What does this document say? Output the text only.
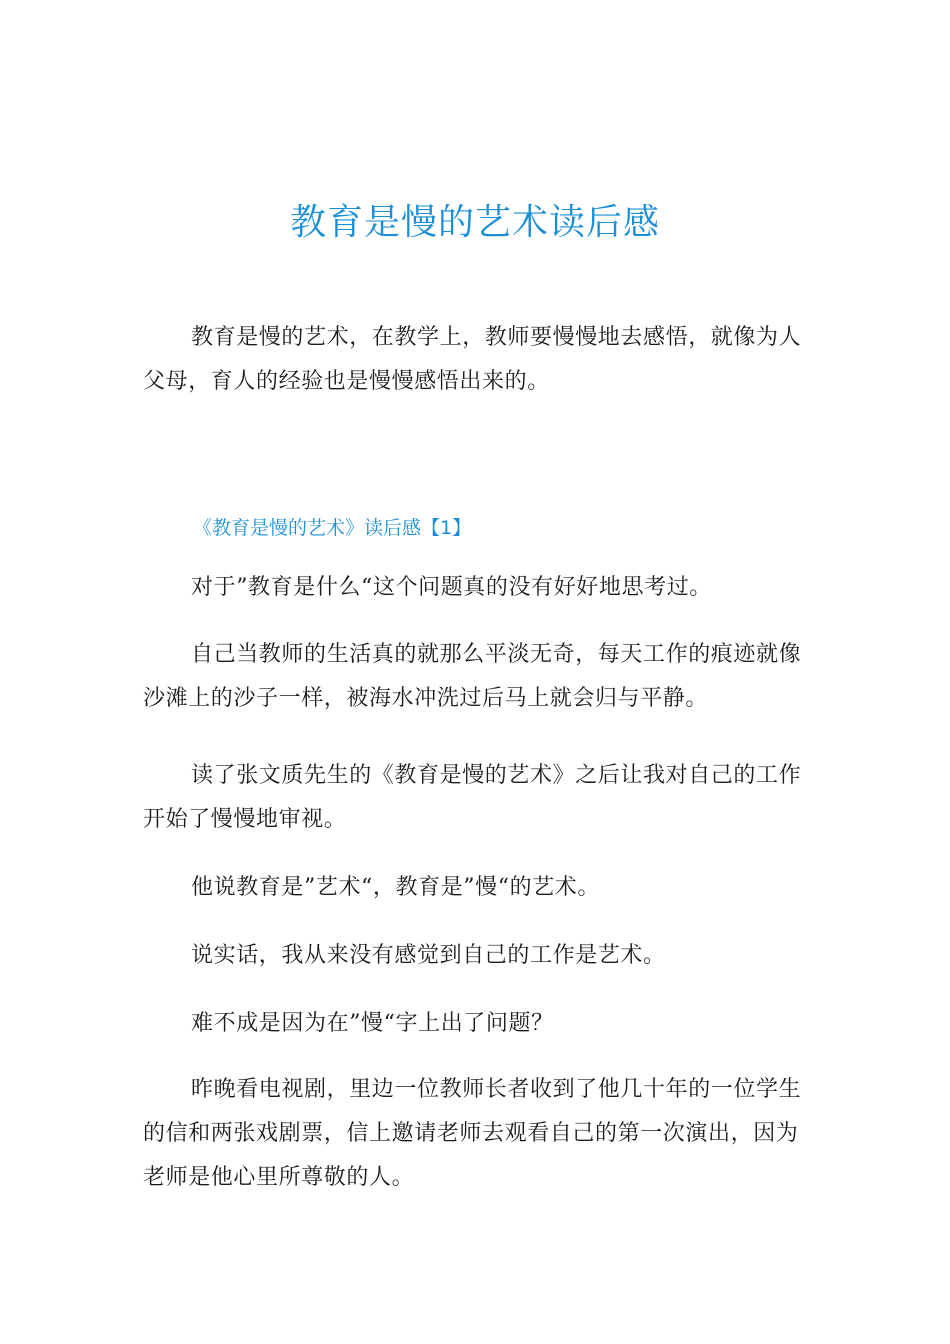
教育是慢的艺术读后感

教育是慢的艺术，在教学上，教师要慢慢地去感悟，就像为人父母，育人的经验也是慢慢感悟出来的。

《教育是慢的艺术》读后感【1】

对于”教育是什么“这个问题真的没有好好地思考过。

自己当教师的生活真的就那么平淡无奇，每天工作的痕迹就像沙滩上的沙子一样，被海水冲洗过后马上就会归与平静。

读了张文质先生的《教育是慢的艺术》之后让我对自己的工作开始了慢慢地审视。

他说教育是”艺术“，教育是”慢“的艺术。

说实话，我从来没有感觉到自己的工作是艺术。

难不成是因为在”慢“字上出了问题？

昨晚看电视剧，里边一位教师长者收到了他几十年的一位学生的信和两张戏剧票，信上邀请老师去观看自己的第一次演出，因为老师是他心里所尊敬的人。
